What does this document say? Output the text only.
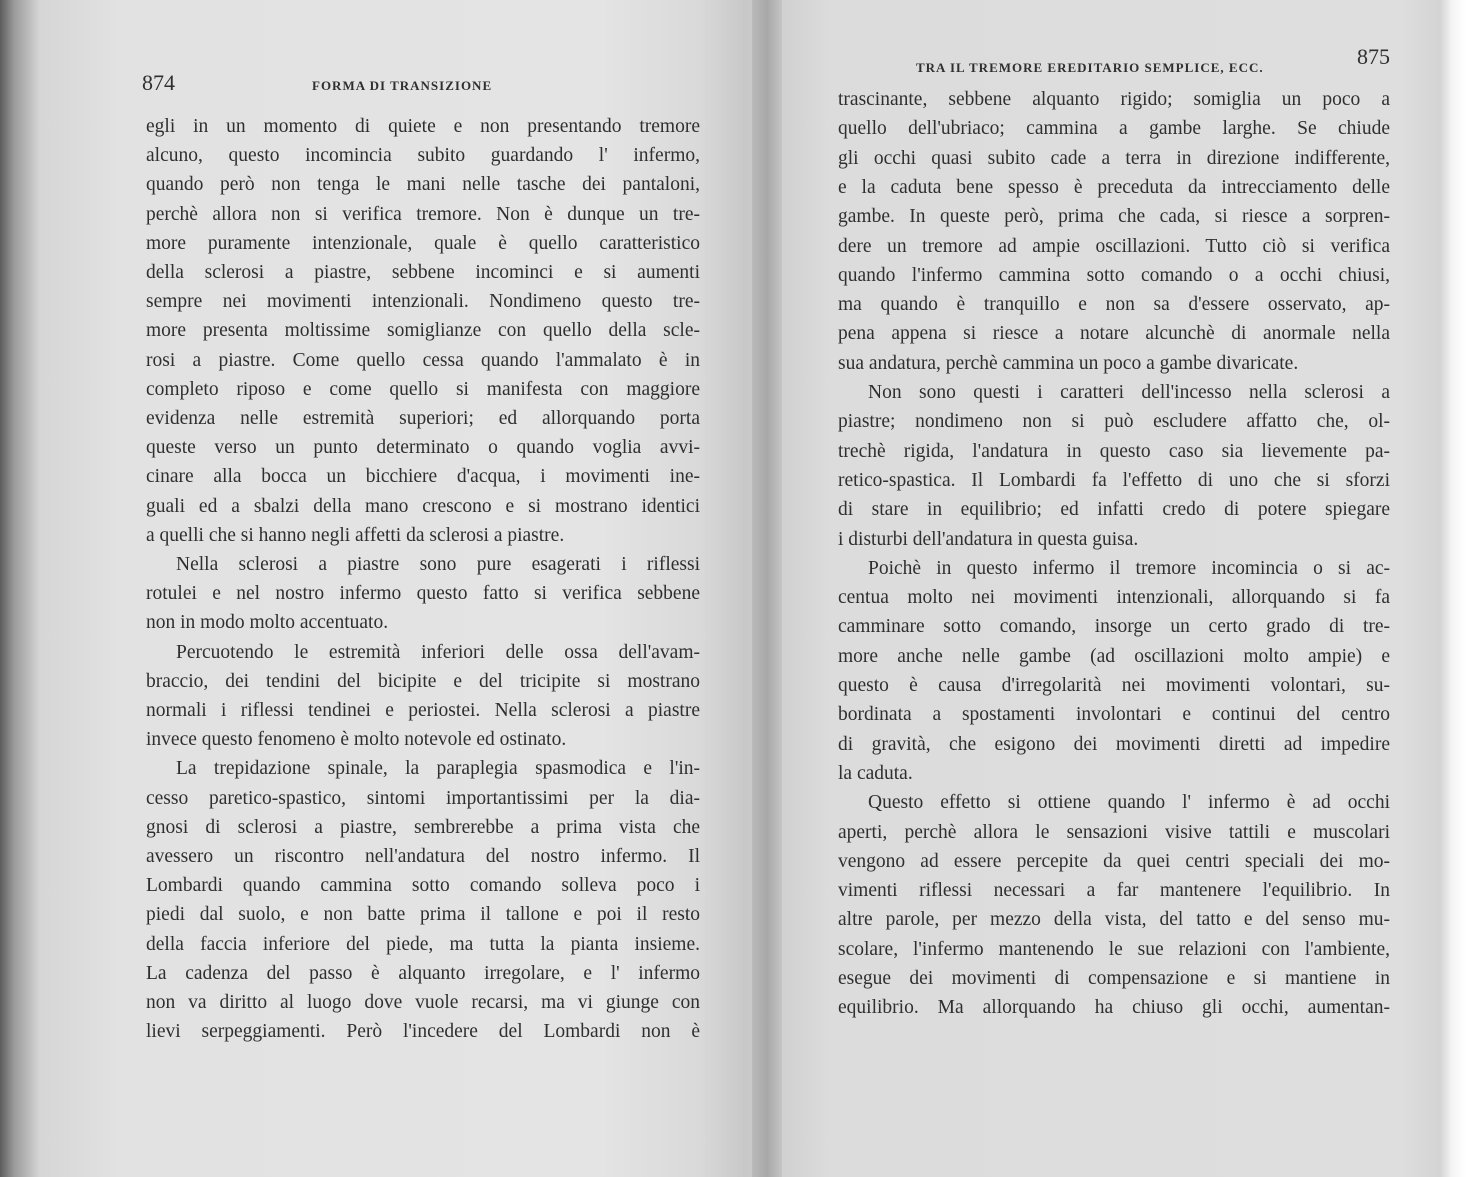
874	FORMA DI TRANSIZIONE
egli in un momento di quiete e non presentando tremore
alcuno, questo incomincia subito guardando l' infermo,
quando però non tenga le mani nelle tasche dei pantaloni,
perchè allora non si verifica tremore. Non è dunque un tre-
more puramente intenzionale, quale è quello caratteristico
della sclerosi a piastre, sebbene incominci e si aumenti
sempre nei movimenti intenzionali. Nondimeno questo tre-
more presenta moltissime somiglianze con quello della scle-
rosi a piastre. Come quello cessa quando l'ammalato è in
completo riposo e come quello si manifesta con maggiore
evidenza nelle estremità superiori; ed allorquando porta
queste verso un punto determinato o quando voglia avvi-
cinare alla bocca un bicchiere d'acqua, i movimenti ine-
guali ed a sbalzi della mano crescono e si mostrano identici
a quelli che si hanno negli affetti da sclerosi a piastre.
Nella sclerosi a piastre sono pure esagerati i riflessi
rotulei e nel nostro infermo questo fatto si verifica sebbene
non in modo molto accentuato.
Percuotendo le estremità inferiori delle ossa dell'avam-
braccio, dei tendini del bicipite e del tricipite si mostrano
normali i riflessi tendinei e periostei. Nella sclerosi a piastre
invece questo fenomeno è molto notevole ed ostinato.
La trepidazione spinale, la paraplegia spasmodica e l'in-
cesso paretico-spastico, sintomi importantissimi per la dia-
gnosi di sclerosi a piastre, sembrerebbe a prima vista che
avessero un riscontro nell'andatura del nostro infermo. Il
Lombardi quando cammina sotto comando solleva poco i
piedi dal suolo, e non batte prima il tallone e poi il resto
della faccia inferiore del piede, ma tutta la pianta insieme.
La cadenza del passo è alquanto irregolare, e l' infermo
non va diritto al luogo dove vuole recarsi, ma vi giunge con
lievi serpeggiamenti. Però l'incedere del Lombardi non è
TRA IL TREMORE EREDITARIO SEMPLICE, ECC.	875
trascinante, sebbene alquanto rigido; somiglia un poco a
quello dell'ubriaco; cammina a gambe larghe. Se chiude
gli occhi quasi subito cade a terra in direzione indifferente,
e la caduta bene spesso è preceduta da intrecciamento delle
gambe. In queste però, prima che cada, si riesce a sorpren-
dere un tremore ad ampie oscillazioni. Tutto ciò si verifica
quando l'infermo cammina sotto comando o a occhi chiusi,
ma quando è tranquillo e non sa d'essere osservato, ap-
pena appena si riesce a notare alcunchè di anormale nella
sua andatura, perchè cammina un poco a gambe divaricate.
Non sono questi i caratteri dell'incesso nella sclerosi a
piastre; nondimeno non si può escludere affatto che, ol-
trechè rigida, l'andatura in questo caso sia lievemente pa-
retico-spastica. Il Lombardi fa l'effetto di uno che si sforzi
di stare in equilibrio; ed infatti credo di potere spiegare
i disturbi dell'andatura in questa guisa.
Poichè in questo infermo il tremore incomincia o si ac-
centua molto nei movimenti intenzionali, allorquando si fa
camminare sotto comando, insorge un certo grado di tre-
more anche nelle gambe (ad oscillazioni molto ampie) e
questo è causa d'irregolarità nei movimenti volontari, su-
bordinata a spostamenti involontari e continui del centro
di gravità, che esigono dei movimenti diretti ad impedire
la caduta.
Questo effetto si ottiene quando l' infermo è ad occhi
aperti, perchè allora le sensazioni visive tattili e muscolari
vengono ad essere percepite da quei centri speciali dei mo-
vimenti riflessi necessari a far mantenere l'equilibrio. In
altre parole, per mezzo della vista, del tatto e del senso mu-
scolare, l'infermo mantenendo le sue relazioni con l'ambiente,
esegue dei movimenti di compensazione e si mantiene in
equilibrio. Ma allorquando ha chiuso gli occhi, aumentan-
